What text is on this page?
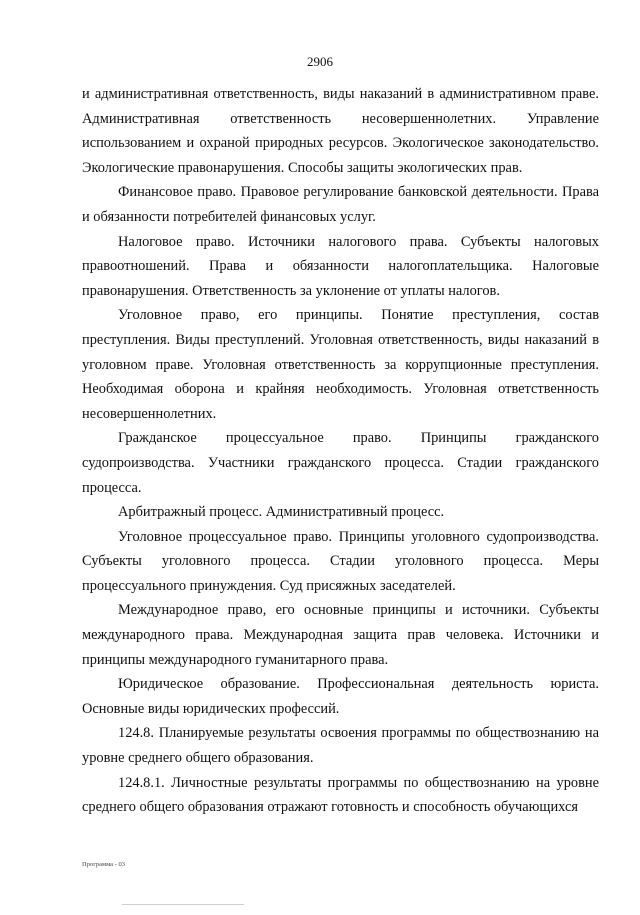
2906

и административная ответственность, виды наказаний в административном праве. Административная ответственность несовершеннолетних. Управление использованием и охраной природных ресурсов. Экологическое законодательство. Экологические правонарушения. Способы защиты экологических прав.

Финансовое право. Правовое регулирование банковской деятельности. Права и обязанности потребителей финансовых услуг.

Налоговое право. Источники налогового права. Субъекты налоговых правоотношений. Права и обязанности налогоплательщика. Налоговые правонарушения. Ответственность за уклонение от уплаты налогов.

Уголовное право, его принципы. Понятие преступления, состав преступления. Виды преступлений. Уголовная ответственность, виды наказаний в уголовном праве. Уголовная ответственность за коррупционные преступления. Необходимая оборона и крайняя необходимость. Уголовная ответственность несовершеннолетних.

Гражданское процессуальное право. Принципы гражданского судопроизводства. Участники гражданского процесса. Стадии гражданского процесса.

Арбитражный процесс. Административный процесс.

Уголовное процессуальное право. Принципы уголовного судопроизводства. Субъекты уголовного процесса. Стадии уголовного процесса. Меры процессуального принуждения. Суд присяжных заседателей.

Международное право, его основные принципы и источники. Субъекты международного права. Международная защита прав человека. Источники и принципы международного гуманитарного права.

Юридическое образование. Профессиональная деятельность юриста. Основные виды юридических профессий.

124.8. Планируемые результаты освоения программы по обществознанию на уровне среднего общего образования.

124.8.1. Личностные результаты программы по обществознанию на уровне среднего общего образования отражают готовность и способность обучающихся

Программа - 03
